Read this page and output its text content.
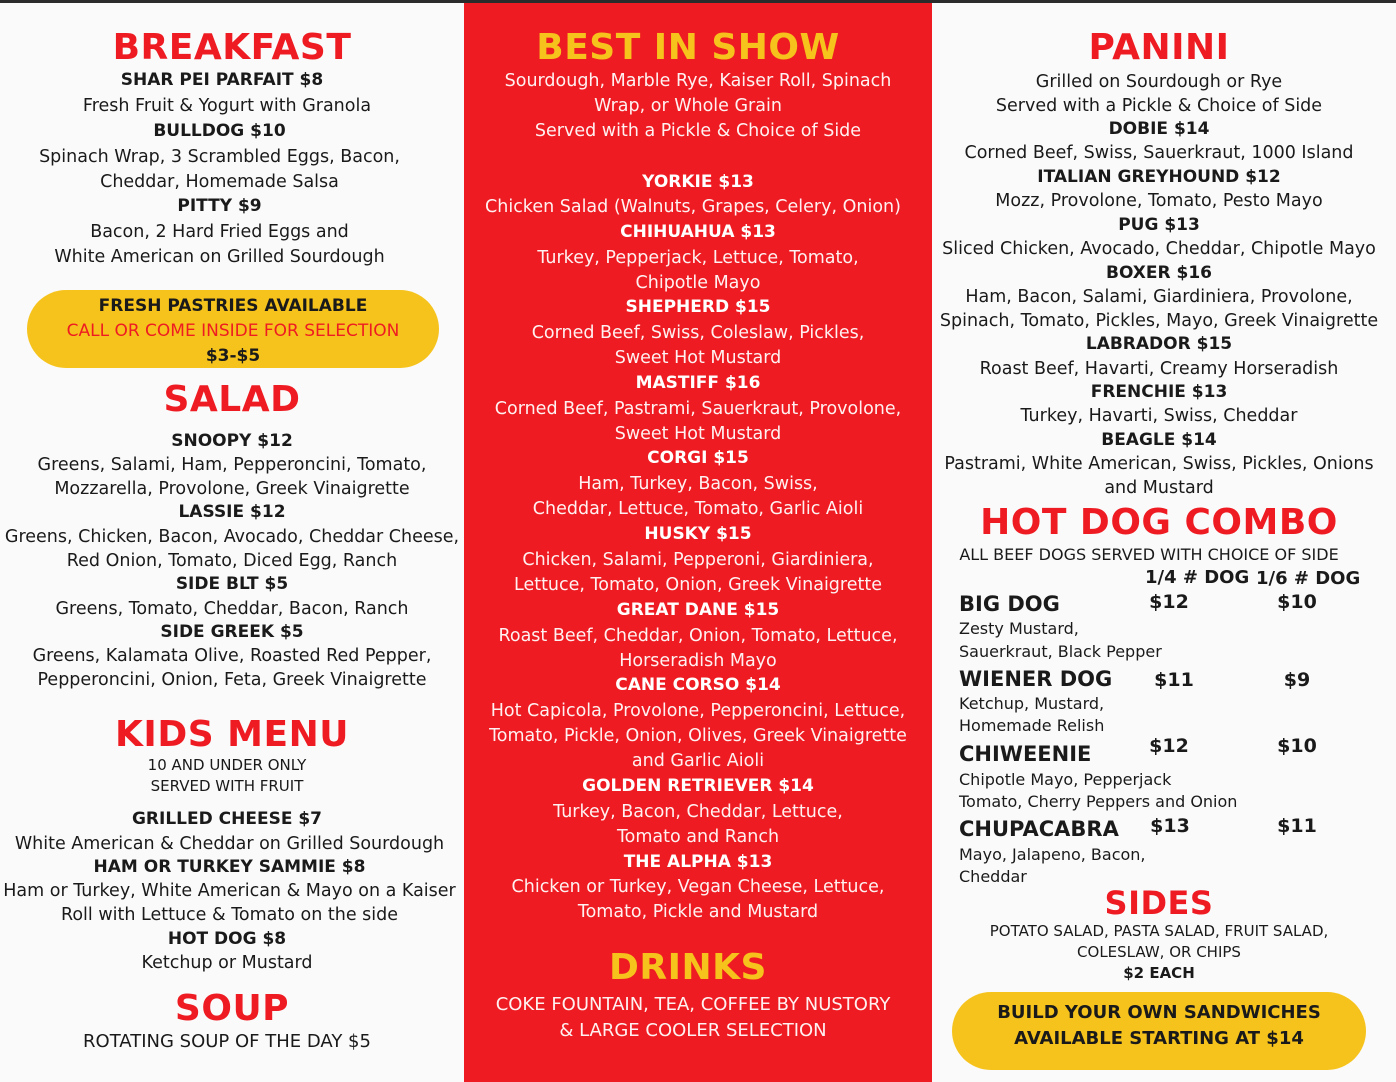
BREAKFAST
SHAR PEI PARFAIT $8
Fresh Fruit & Yogurt with Granola
BULLDOG $10
Spinach Wrap, 3 Scrambled Eggs, Bacon,
Cheddar, Homemade Salsa
PITTY $9
Bacon, 2 Hard Fried Eggs and
White American on Grilled Sourdough
FRESH PASTRIES AVAILABLE
CALL OR COME INSIDE FOR SELECTION
$3-$5
SALAD
SNOOPY $12
Greens, Salami, Ham, Pepperoncini, Tomato,
Mozzarella, Provolone, Greek Vinaigrette
LASSIE $12
Greens, Chicken, Bacon, Avocado, Cheddar Cheese,
Red Onion, Tomato, Diced Egg, Ranch
SIDE BLT $5
Greens, Tomato, Cheddar, Bacon, Ranch
SIDE GREEK $5
Greens, Kalamata Olive, Roasted Red Pepper,
Pepperoncini, Onion, Feta, Greek Vinaigrette
KIDS MENU
10 AND UNDER ONLY
SERVED WITH FRUIT
GRILLED CHEESE $7
White American & Cheddar on Grilled Sourdough
HAM OR TURKEY SAMMIE $8
Ham or Turkey, White American & Mayo on a Kaiser
Roll with Lettuce & Tomato on the side
HOT DOG $8
Ketchup or Mustard
SOUP
ROTATING SOUP OF THE DAY $5
BEST IN SHOW
Sourdough, Marble Rye, Kaiser Roll, Spinach
Wrap, or Whole Grain
Served with a Pickle & Choice of Side
YORKIE $13
Chicken Salad (Walnuts, Grapes, Celery, Onion)
CHIHUAHUA $13
Turkey, Pepperjack, Lettuce, Tomato,
Chipotle Mayo
SHEPHERD $15
Corned Beef, Swiss, Coleslaw, Pickles,
Sweet Hot Mustard
MASTIFF $16
Corned Beef, Pastrami, Sauerkraut, Provolone,
Sweet Hot Mustard
CORGI $15
Ham, Turkey, Bacon, Swiss,
Cheddar, Lettuce, Tomato, Garlic Aioli
HUSKY $15
Chicken, Salami, Pepperoni, Giardiniera,
Lettuce, Tomato, Onion, Greek Vinaigrette
GREAT DANE $15
Roast Beef, Cheddar, Onion, Tomato, Lettuce,
Horseradish Mayo
CANE CORSO $14
Hot Capicola, Provolone, Pepperoncini, Lettuce,
Tomato, Pickle, Onion, Olives, Greek Vinaigrette
and Garlic Aioli
GOLDEN RETRIEVER $14
Turkey, Bacon, Cheddar, Lettuce,
Tomato and Ranch
THE ALPHA $13
Chicken or Turkey, Vegan Cheese, Lettuce,
Tomato, Pickle and Mustard
DRINKS
COKE FOUNTAIN, TEA, COFFEE BY NUSTORY
& LARGE COOLER SELECTION
PANINI
Grilled on Sourdough or Rye
Served with a Pickle & Choice of Side
DOBIE $14
Corned Beef, Swiss, Sauerkraut, 1000 Island
ITALIAN GREYHOUND $12
Mozz, Provolone, Tomato, Pesto Mayo
PUG $13
Sliced Chicken, Avocado, Cheddar, Chipotle Mayo
BOXER $16
Ham, Bacon, Salami, Giardiniera, Provolone,
Spinach, Tomato, Pickles, Mayo, Greek Vinaigrette
LABRADOR $15
Roast Beef, Havarti, Creamy Horseradish
FRENCHIE $13
Turkey, Havarti, Swiss, Cheddar
BEAGLE $14
Pastrami, White American, Swiss, Pickles, Onions
and Mustard
HOT DOG COMBO
ALL BEEF DOGS SERVED WITH CHOICE OF SIDE
1/4 # DOG 1/6 # DOG
BIG DOG	$12	$10
Zesty Mustard,
Sauerkraut, Black Pepper
WIENER DOG	$11	$9
Ketchup, Mustard,
Homemade Relish
CHIWEENIE	$12	$10
Chipotle Mayo, Pepperjack
Tomato, Cherry Peppers and Onion
CHUPACABRA	$13	$11
Mayo, Jalapeno, Bacon,
Cheddar
SIDES
POTATO SALAD, PASTA SALAD, FRUIT SALAD,
COLESLAW, OR CHIPS
$2 EACH
BUILD YOUR OWN SANDWICHES
AVAILABLE STARTING AT $14
